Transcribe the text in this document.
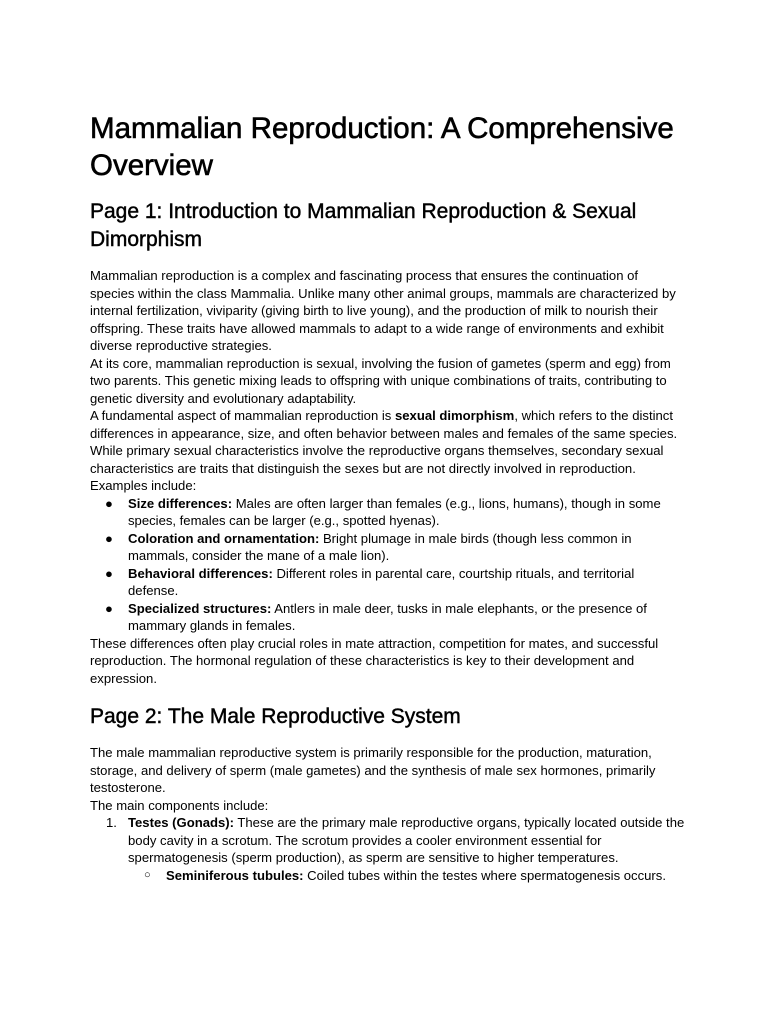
Mammalian Reproduction: A Comprehensive Overview
Page 1: Introduction to Mammalian Reproduction & Sexual Dimorphism

Mammalian reproduction is a complex and fascinating process that ensures the continuation of species within the class Mammalia. Unlike many other animal groups, mammals are characterized by internal fertilization, viviparity (giving birth to live young), and the production of milk to nourish their offspring. These traits have allowed mammals to adapt to a wide range of environments and exhibit diverse reproductive strategies.

At its core, mammalian reproduction is sexual, involving the fusion of gametes (sperm and egg) from two parents. This genetic mixing leads to offspring with unique combinations of traits, contributing to genetic diversity and evolutionary adaptability.

A fundamental aspect of mammalian reproduction is sexual dimorphism, which refers to the distinct differences in appearance, size, and often behavior between males and females of the same species. While primary sexual characteristics involve the reproductive organs themselves, secondary sexual characteristics are traits that distinguish the sexes but are not directly involved in reproduction. Examples include:

● Size differences: Males are often larger than females (e.g., lions, humans), though in some species, females can be larger (e.g., spotted hyenas).
● Coloration and ornamentation: Bright plumage in male birds (though less common in mammals, consider the mane of a male lion).
● Behavioral differences: Different roles in parental care, courtship rituals, and territorial defense.
● Specialized structures: Antlers in male deer, tusks in male elephants, or the presence of mammary glands in females.

These differences often play crucial roles in mate attraction, competition for mates, and successful reproduction. The hormonal regulation of these characteristics is key to their development and expression.

Page 2: The Male Reproductive System

The male mammalian reproductive system is primarily responsible for the production, maturation, storage, and delivery of sperm (male gametes) and the synthesis of male sex hormones, primarily testosterone.

The main components include:

1. Testes (Gonads): These are the primary male reproductive organs, typically located outside the body cavity in a scrotum. The scrotum provides a cooler environment essential for spermatogenesis (sperm production), as sperm are sensitive to higher temperatures.
○ Seminiferous tubules: Coiled tubes within the testes where spermatogenesis occurs.
